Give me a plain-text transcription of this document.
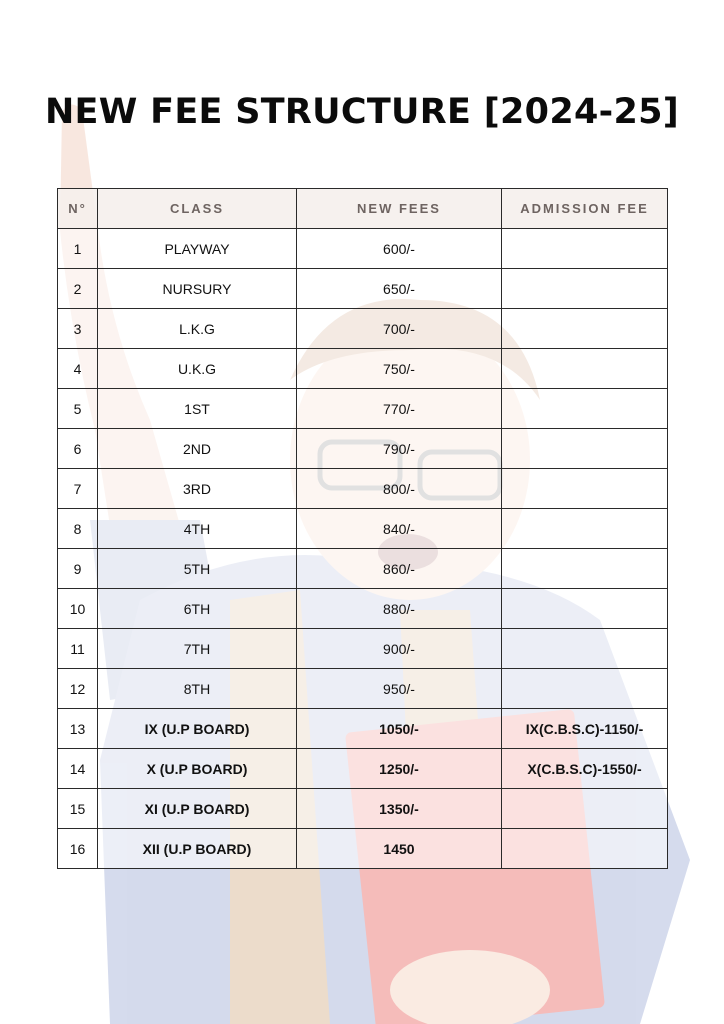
NEW FEE STRUCTURE [2024-25]
N°	CLASS	NEW FEES	ADMISSION FEE
1	PLAYWAY	600/-	
2	NURSURY	650/-	
3	L.K.G	700/-	
4	U.K.G	750/-	
5	1ST	770/-	
6	2ND	790/-	
7	3RD	800/-	
8	4TH	840/-	
9	5TH	860/-	
10	6TH	880/-	
11	7TH	900/-	
12	8TH	950/-	
13	IX (U.P BOARD)	1050/-	IX(C.B.S.C)-1150/-
14	X (U.P BOARD)	1250/-	X(C.B.S.C)-1550/-
15	XI (U.P BOARD)	1350/-	
16	XII (U.P BOARD)	1450	
